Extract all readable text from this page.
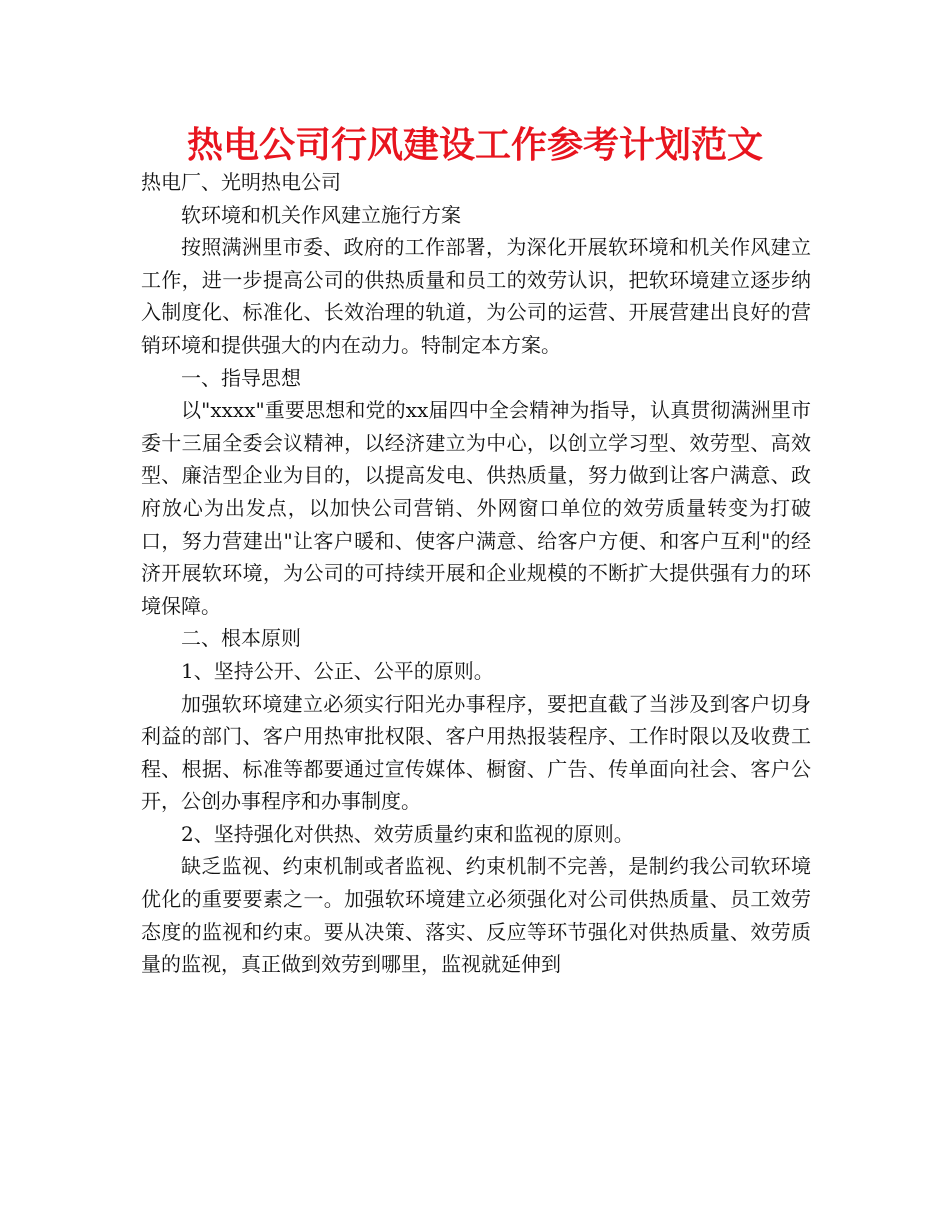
热电公司行风建设工作参考计划范文

热电厂、光明热电公司

软环境和机关作风建立施行方案

按照满洲里市委、政府的工作部署，为深化开展软环境和机关作风建立工作，进一步提高公司的供热质量和员工的效劳认识，把软环境建立逐步纳入制度化、标准化、长效治理的轨道，为公司的运营、开展营建出良好的营销环境和提供强大的内在动力。特制定本方案。

一、指导思想

以"xxxx"重要思想和党的xx届四中全会精神为指导，认真贯彻满洲里市委十三届全委会议精神，以经济建立为中心，以创立学习型、效劳型、高效型、廉洁型企业为目的，以提高发电、供热质量，努力做到让客户满意、政府放心为出发点，以加快公司营销、外网窗口单位的效劳质量转变为打破口，努力营建出"让客户暖和、使客户满意、给客户方便、和客户互利"的经济开展软环境，为公司的可持续开展和企业规模的不断扩大提供强有力的环境保障。

二、根本原则

1、坚持公开、公正、公平的原则。

加强软环境建立必须实行阳光办事程序，要把直截了当涉及到客户切身利益的部门、客户用热审批权限、客户用热报装程序、工作时限以及收费工程、根据、标准等都要通过宣传媒体、橱窗、广告、传单面向社会、客户公开，公创办事程序和办事制度。

2、坚持强化对供热、效劳质量约束和监视的原则。

缺乏监视、约束机制或者监视、约束机制不完善，是制约我公司软环境优化的重要要素之一。加强软环境建立必须强化对公司供热质量、员工效劳态度的监视和约束。要从决策、落实、反应等环节强化对供热质量、效劳质量的监视，真正做到效劳到哪里，监视就延伸到
